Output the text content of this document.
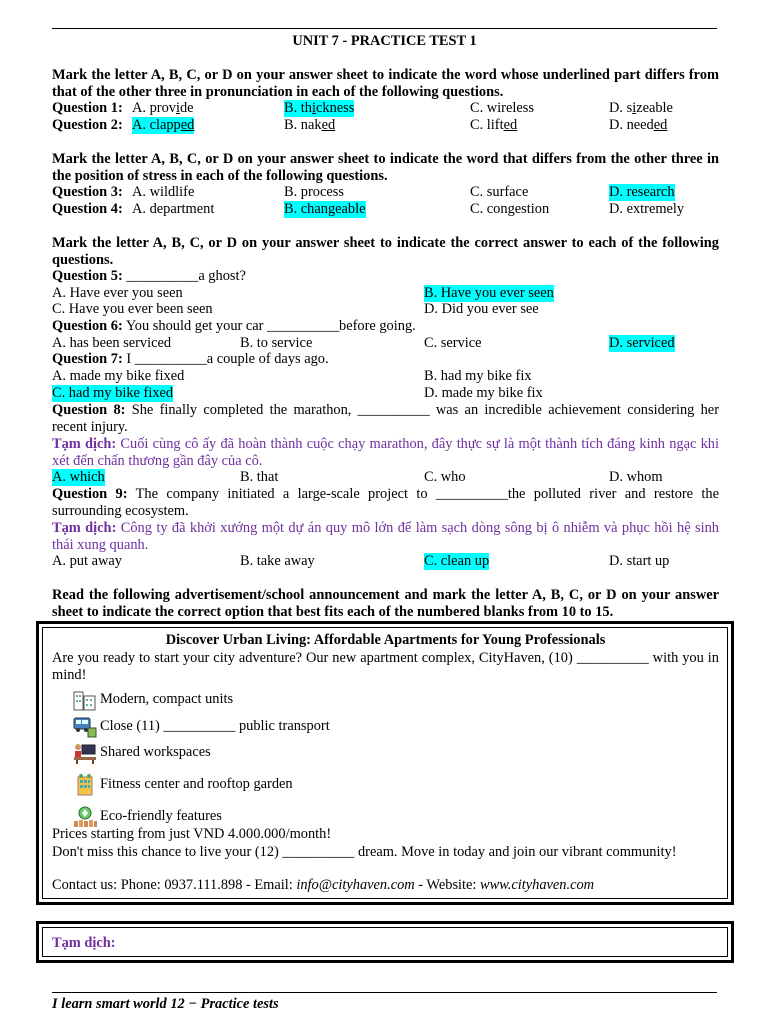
UNIT 7 - PRACTICE TEST 1
Mark the letter A, B, C, or D on your answer sheet to indicate the word whose underlined part differs from that of the other three in pronunciation in each of the following questions.
Question 1: A. provide	B. thickness	C. wireless	D. sizeable
Question 2: A. clapped	B. naked	C. lifted	D. needed
Mark the letter A, B, C, or D on your answer sheet to indicate the word that differs from the other three in the position of stress in each of the following questions.
Question 3: A. wildlife	B. process	C. surface	D. research
Question 4: A. department	B. changeable	C. congestion	D. extremely
Mark the letter A, B, C, or D on your answer sheet to indicate the correct answer to each of the following questions.
Question 5: __________a ghost?
A. Have ever you seen	B. Have you ever seen
C. Have you ever been seen	D. Did you ever see
Question 6: You should get your car __________before going.
A. has been serviced	B. to service	C. service	D. serviced
Question 7: I __________a couple of days ago.
A. made my bike fixed	B. had my bike fix
C. had my bike fixed	D. made my bike fix
Question 8: She finally completed the marathon, __________ was an incredible achievement considering her recent injury.
Tạm dịch: Cuối cùng cô ấy đã hoàn thành cuộc chạy marathon, đây thực sự là một thành tích đáng kinh ngạc khi xét đến chấn thương gần đây của cô.
A. which	B. that	C. who	D. whom
Question 9: The company initiated a large-scale project to __________the polluted river and restore the surrounding ecosystem.
Tạm dịch: Công ty đã khởi xướng một dự án quy mô lớn để làm sạch dòng sông bị ô nhiễm và phục hồi hệ sinh thái xung quanh.
A. put away	B. take away	C. clean up	D. start up
Read the following advertisement/school announcement and mark the letter A, B, C, or D on your answer sheet to indicate the correct option that best fits each of the numbered blanks from 10 to 15.
Discover Urban Living: Affordable Apartments for Young Professionals
Are you ready to start your city adventure? Our new apartment complex, CityHaven, (10) __________ with you in mind!
Modern, compact units
Close (11) __________ public transport
Shared workspaces
Fitness center and rooftop garden
Eco-friendly features
Prices starting from just VND 4.000.000/month!
Don't miss this chance to live your (12) __________ dream. Move in today and join our vibrant community!
Contact us: Phone: 0937.111.898 - Email: info@cityhaven.com - Website: www.cityhaven.com
Tạm dịch:
I learn smart world 12 − Practice tests
